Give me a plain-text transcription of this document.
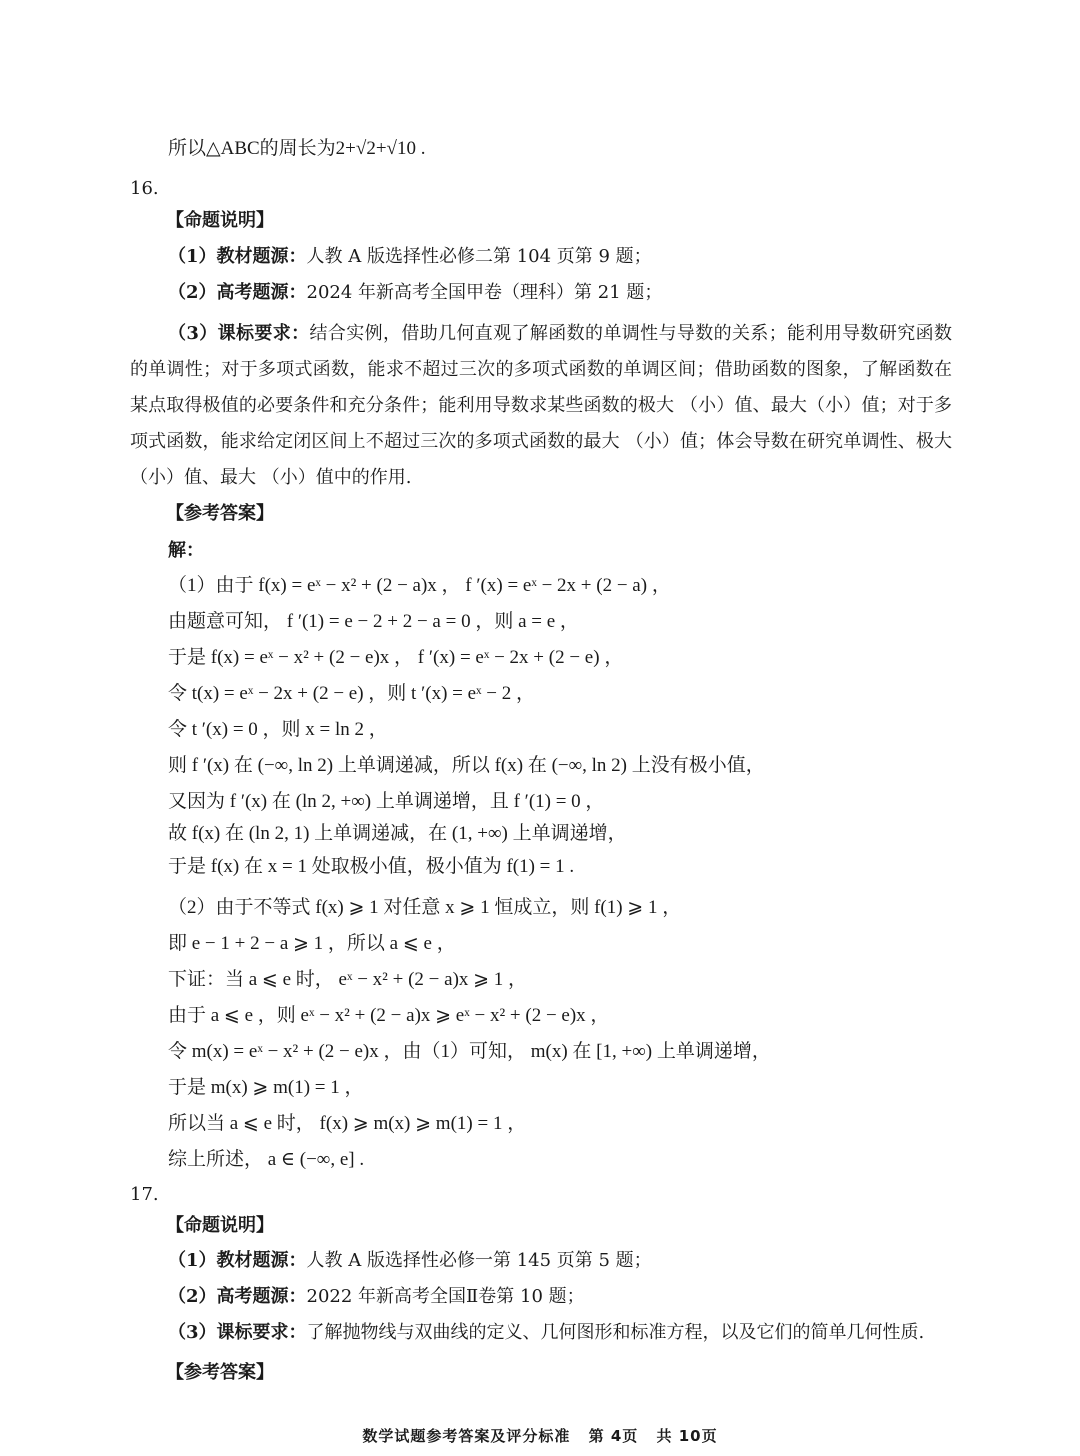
所以△ABC的周长为2+√2+√10 .
16.
【命题说明】
（1）教材题源：人教 A 版选择性必修二第 104 页第 9 题；
（2）高考题源：2024 年新高考全国甲卷（理科）第 21 题；
（3）课标要求：结合实例，借助几何直观了解函数的单调性与导数的关系；能利用导数研究函数的单调性；对于多项式函数，能求不超过三次的多项式函数的单调区间；借助函数的图象，了解函数在某点取得极值的必要条件和充分条件；能利用导数求某些函数的极大 （小）值、最大（小）值；对于多项式函数，能求给定闭区间上不超过三次的多项式函数的最大 （小）值；体会导数在研究单调性、极大 （小）值、最大 （小）值中的作用.
【参考答案】
解：
（1）由于 f(x) = eˣ − x² + (2 − a)x ， f ′(x) = eˣ − 2x + (2 − a) ，
由题意可知， f ′(1) = e − 2 + 2 − a = 0 ，则 a = e ，
于是 f(x) = eˣ − x² + (2 − e)x ， f ′(x) = eˣ − 2x + (2 − e) ，
令 t(x) = eˣ − 2x + (2 − e) ，则 t ′(x) = eˣ − 2 ，
令 t ′(x) = 0 ，则 x = ln 2 ，
则 f ′(x) 在 (−∞, ln 2) 上单调递减，所以 f(x) 在 (−∞, ln 2) 上没有极小值，
又因为 f ′(x) 在 (ln 2, +∞) 上单调递增，且 f ′(1) = 0 ，
故 f(x) 在 (ln 2, 1) 上单调递减，在 (1, +∞) 上单调递增，
于是 f(x) 在 x = 1 处取极小值，极小值为 f(1) = 1 .
（2）由于不等式 f(x) ⩾ 1 对任意 x ⩾ 1 恒成立，则 f(1) ⩾ 1 ，
即 e − 1 + 2 − a ⩾ 1 ，所以 a ⩽ e ，
下证：当 a ⩽ e 时， eˣ − x² + (2 − a)x ⩾ 1 ，
由于 a ⩽ e ，则 eˣ − x² + (2 − a)x ⩾ eˣ − x² + (2 − e)x ，
令 m(x) = eˣ − x² + (2 − e)x ，由（1）可知， m(x) 在 [1, +∞) 上单调递增，
于是 m(x) ⩾ m(1) = 1 ，
所以当 a ⩽ e 时， f(x) ⩾ m(x) ⩾ m(1) = 1 ，
综上所述， a ∈ (−∞, e] .
17.
【命题说明】
（1）教材题源：人教 A 版选择性必修一第 145 页第 5 题；
（2）高考题源：2022 年新高考全国Ⅱ卷第 10 题；
（3）课标要求：了解抛物线与双曲线的定义、几何图形和标准方程，以及它们的简单几何性质.
【参考答案】
数学试题参考答案及评分标准 第 4页 共 10页
